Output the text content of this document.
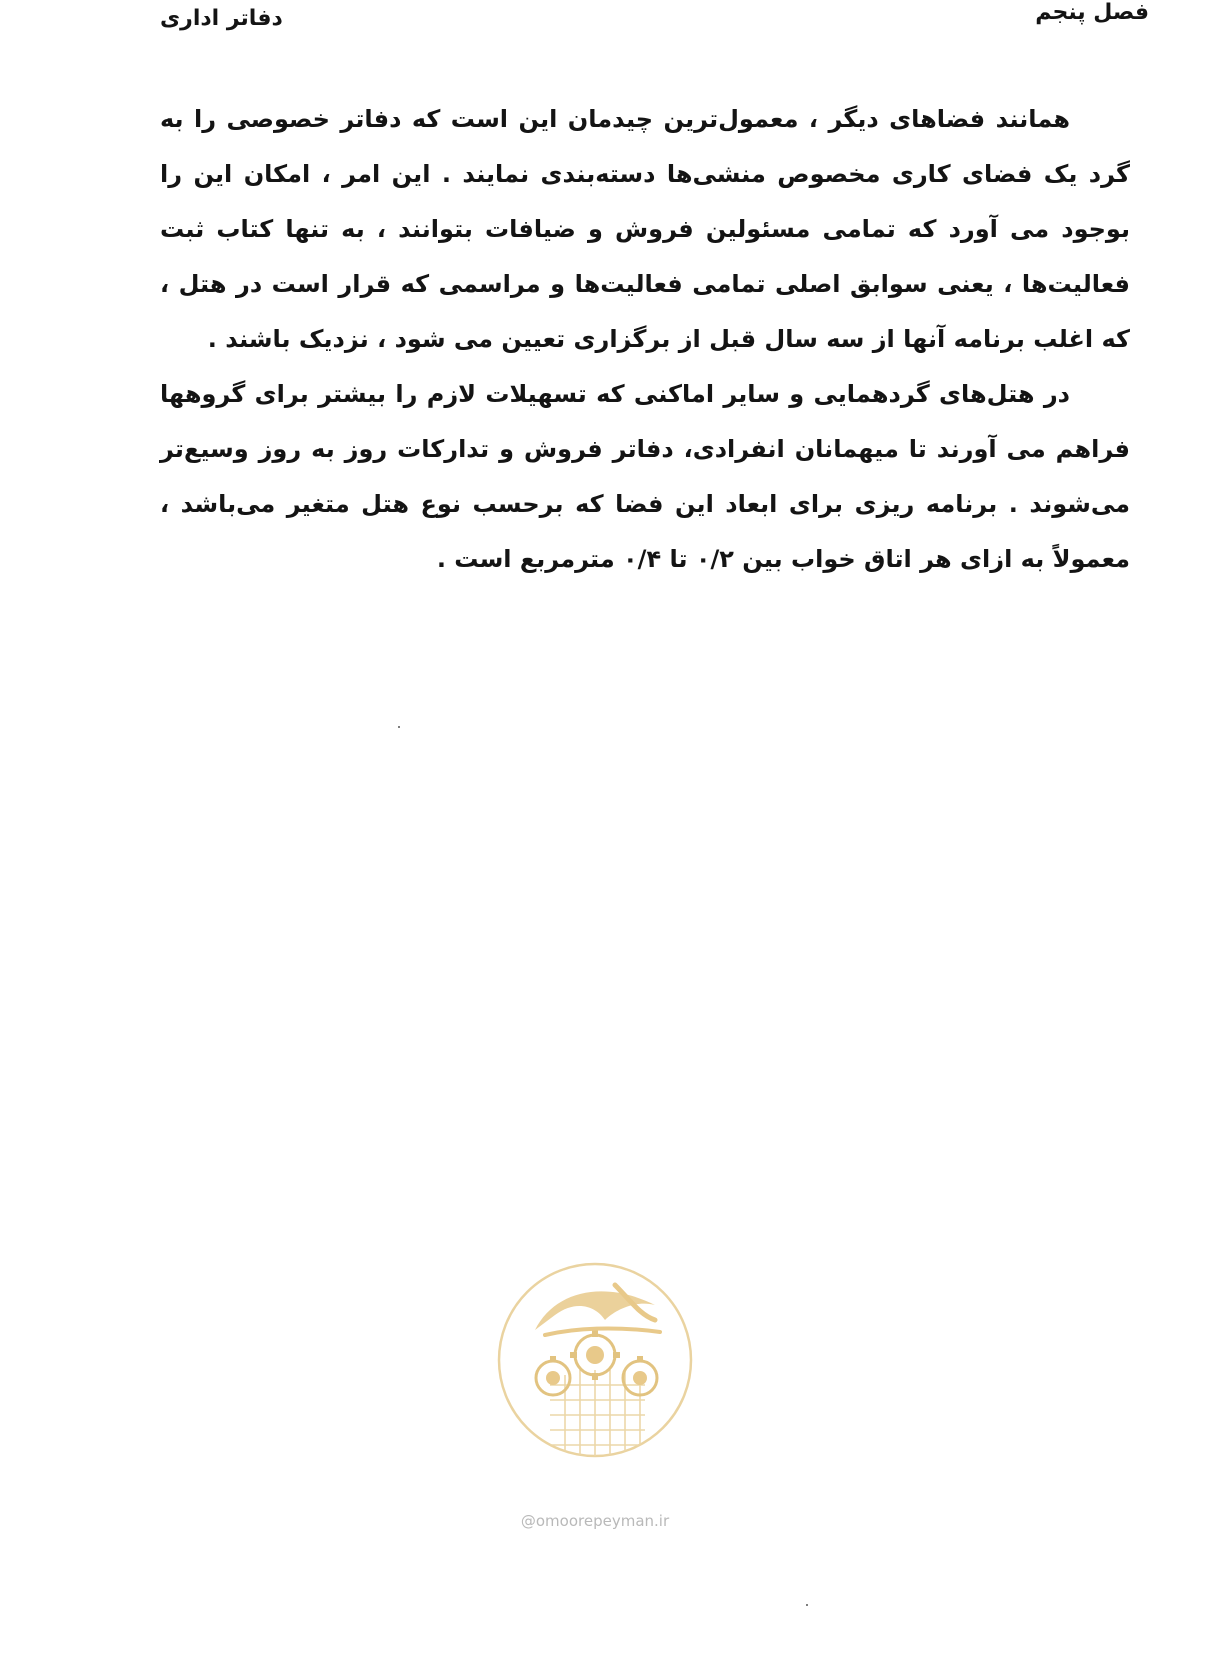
دفاتر اداری	فصل پنجم

همانند فضاهای دیگر ، معمول‌ترین چیدمان این است که دفاتر خصوصی را به گرد یک فضای کاری مخصوص منشی‌ها دسته‌بندی نمایند . این امر ، امکان این را بوجود می آورد که تمامی مسئولین فروش و ضیافات بتوانند ، به تنها کتاب ثبت فعالیت‌ها ، یعنی سوابق اصلی تمامی فعالیت‌ها و مراسمی که قرار است در هتل ، که اغلب برنامه آنها از سه سال قبل از برگزاری تعیین می شود ، نزدیک باشند .

در هتل‌های گردهمایی و سایر اماکنی که تسهیلات لازم را بیشتر برای گروهها فراهم می آورند تا میهمانان انفرادی، دفاتر فروش و تدارکات روز به روز وسیع‌تر می‌شوند . برنامه ریزی برای ابعاد این فضا که برحسب نوع هتل متغیر می‌باشد ، معمولاً به ازای هر اتاق خواب بین ۰/۲ تا ۰/۴ مترمربع است .

@omoorepeyman.ir
